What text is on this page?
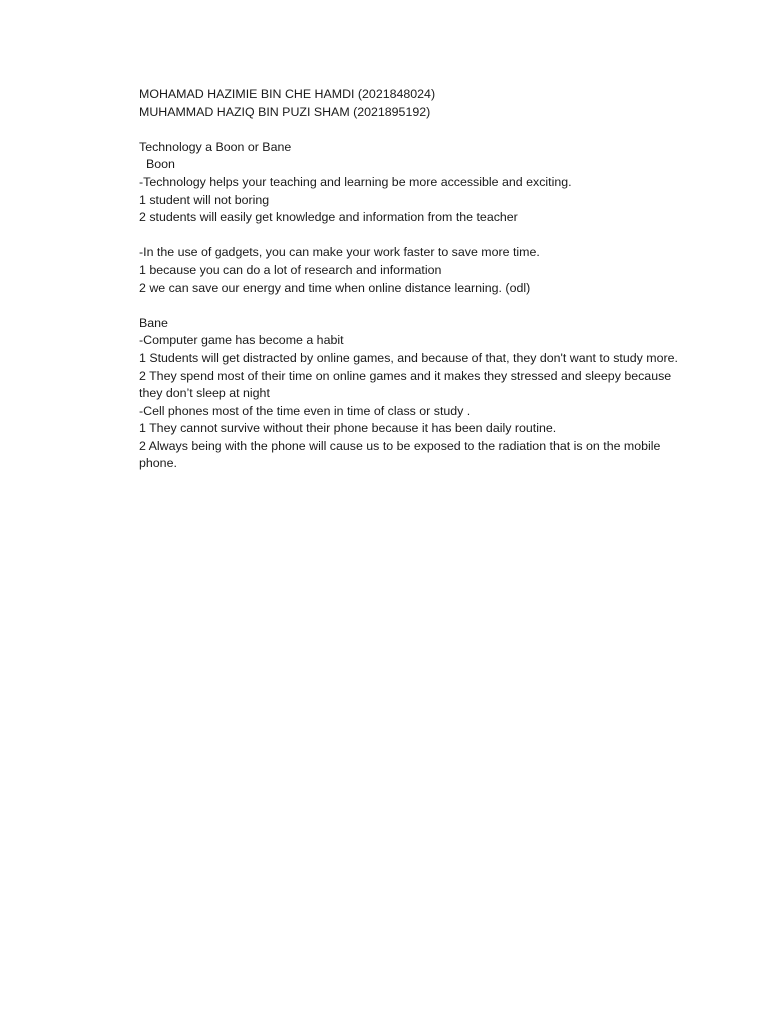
MOHAMAD HAZIMIE BIN CHE HAMDI (2021848024)
MUHAMMAD HAZIQ BIN PUZI SHAM (2021895192)
Technology a Boon or Bane
Boon
-Technology helps your teaching and learning be more accessible and exciting.
1 student will not boring
2 students will easily get knowledge and information from the teacher
-In the use of gadgets, you can make your work faster to save more time.
1 because you can do a lot of research and information
2 we can save our energy and time when online distance learning. (odl)
Bane
-Computer game has become a habit
1 Students will get distracted by online games, and because of that, they don't want to study more.
2 They spend most of their time on online games and it makes they stressed and sleepy because they don’t sleep at night
-Cell phones most of the time even in time of class or study .
1 They cannot survive without their phone because it has been daily routine.
2 Always being with the phone will cause us to be exposed to the radiation that is on the mobile phone.
